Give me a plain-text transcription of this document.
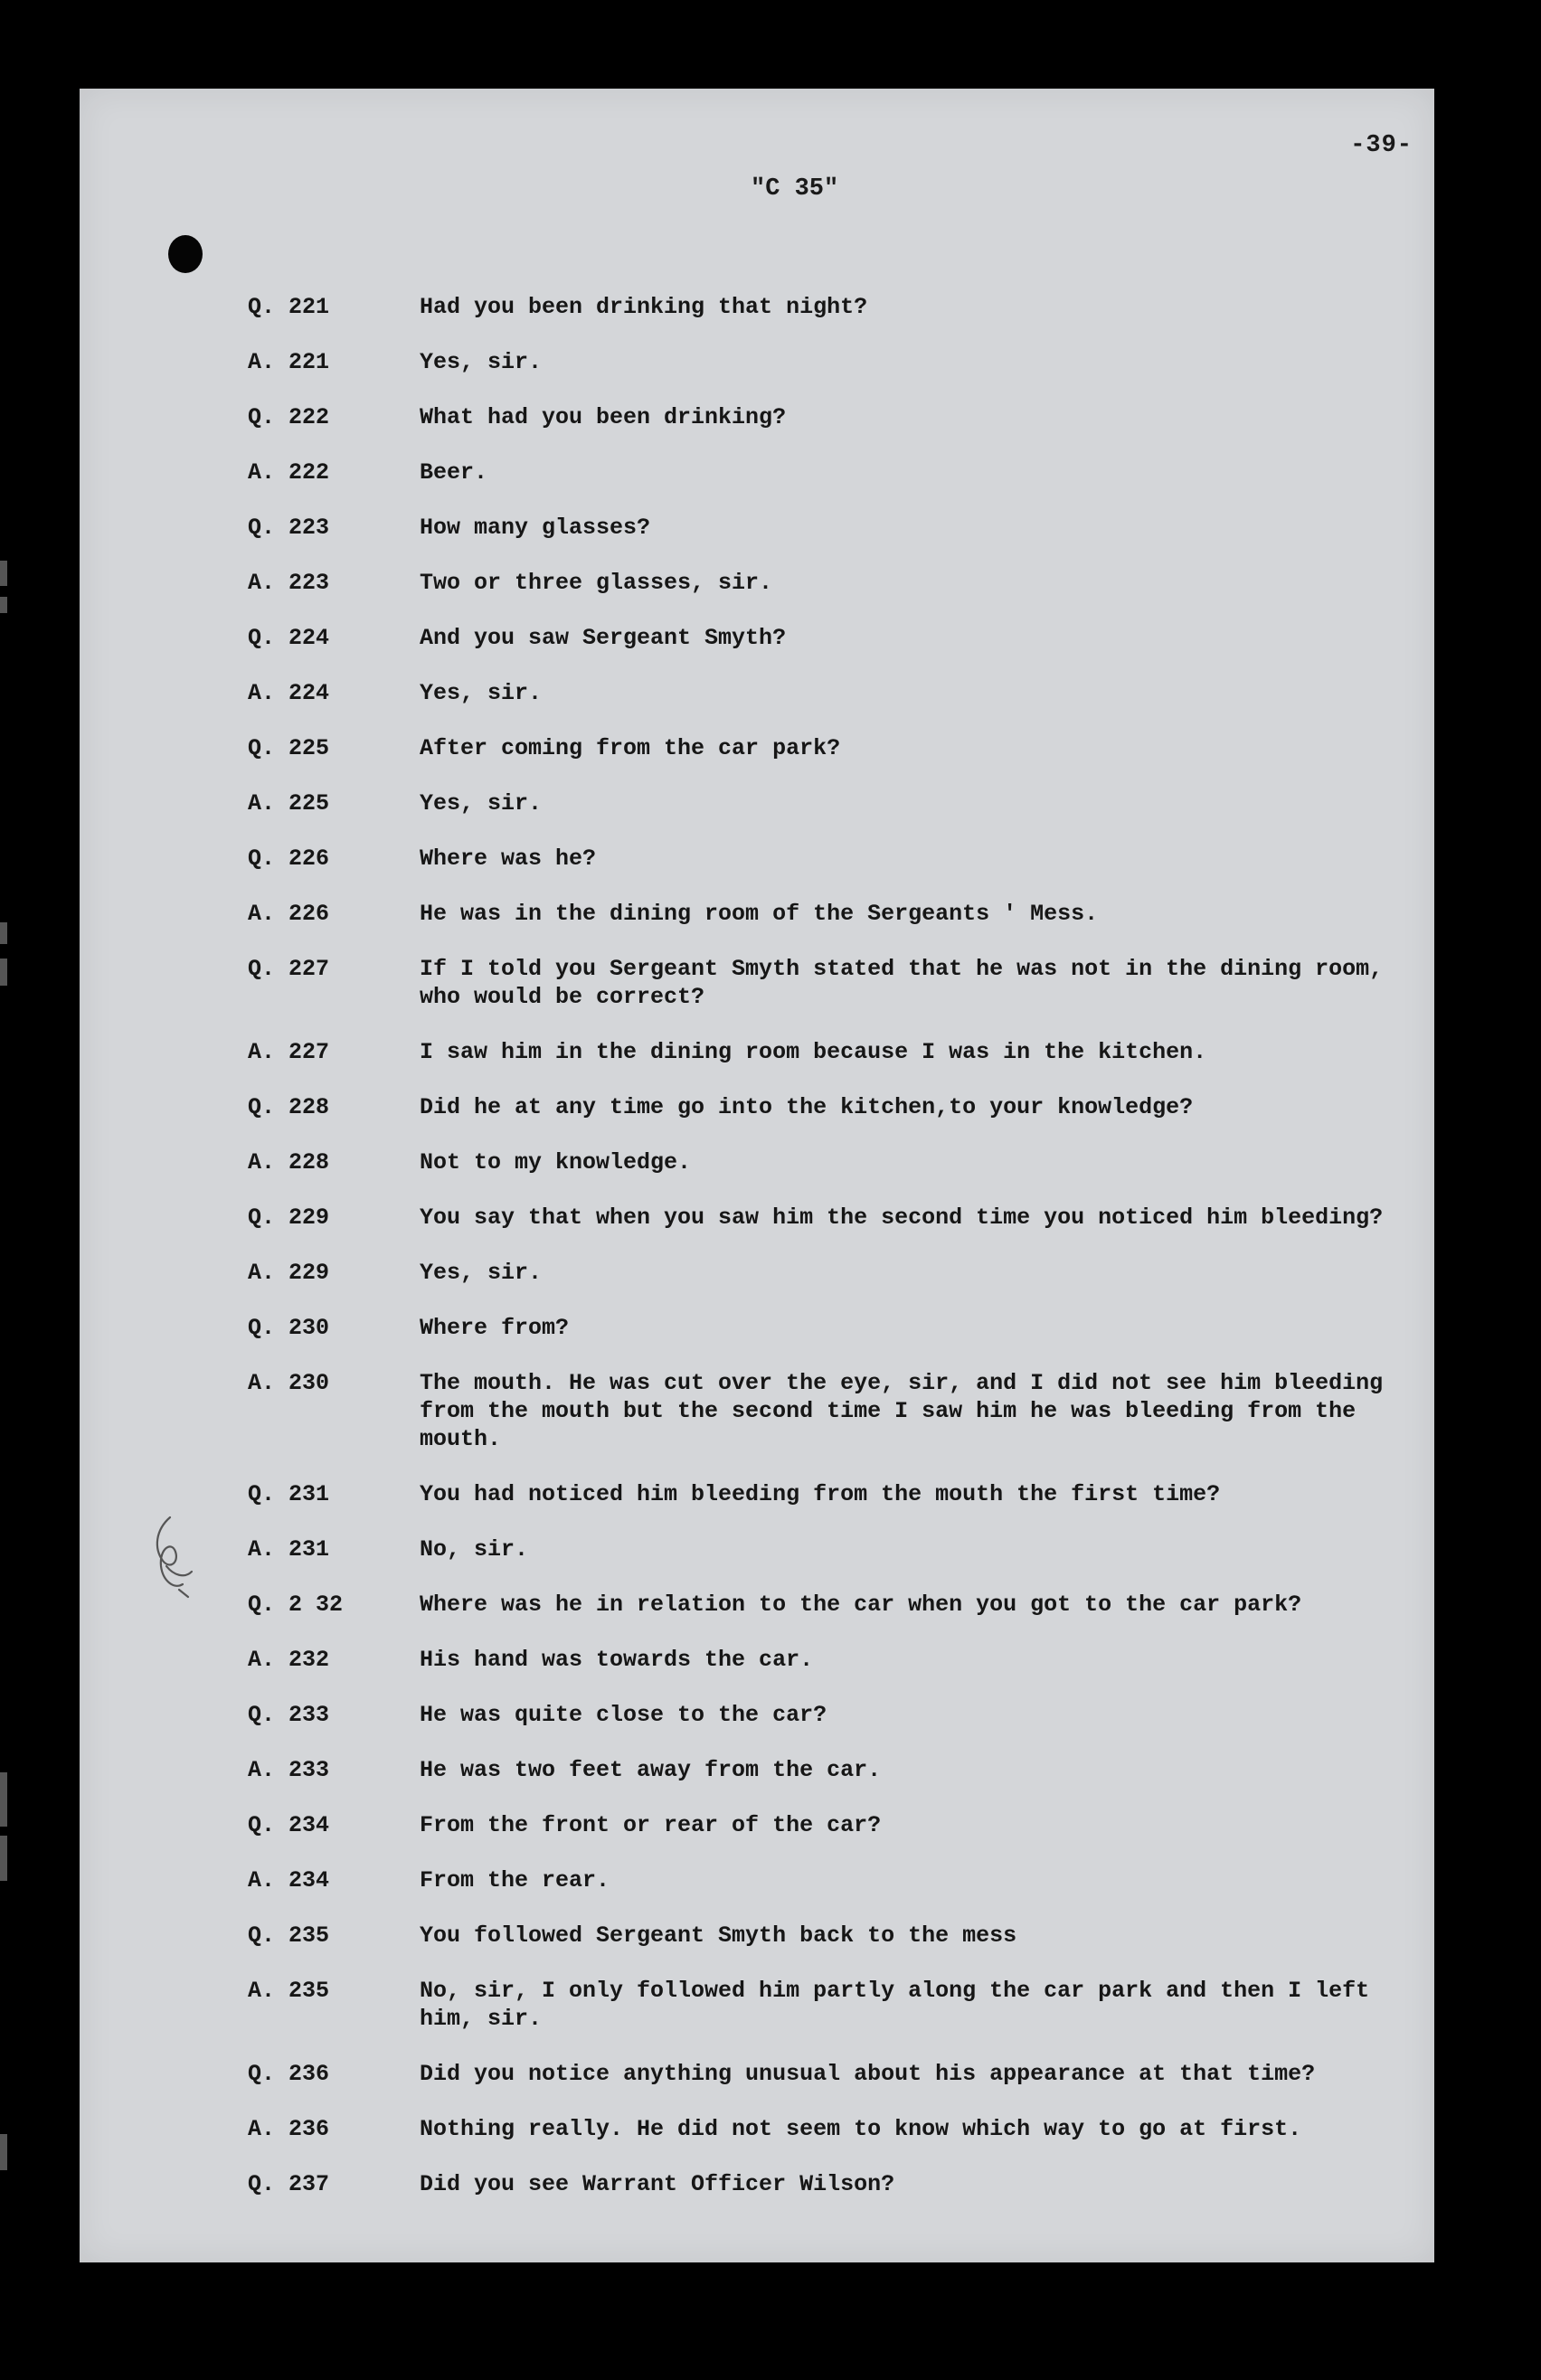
-39-
"C 35"
Q. 221	Had you been drinking that night?
A. 221	Yes, sir.
Q. 222	What had you been drinking?
A. 222	Beer.
Q. 223	How many glasses?
A. 223	Two or three glasses, sir.
Q. 224	And you saw Sergeant Smyth?
A. 224	Yes, sir.
Q. 225	After coming from the car park?
A. 225	Yes, sir.
Q. 226	Where was he?
A. 226	He was in the dining room of the Sergeants ' Mess.
Q. 227	If I told you Sergeant Smyth stated that he was not in the dining room, who would be correct?
A. 227	I saw him in the dining room because I was in the kitchen.
Q. 228	Did he at any time go into the kitchen,to your knowledge?
A. 228	Not to my knowledge.
Q. 229	You say that when you saw him the second time you noticed him bleeding?
A. 229	Yes, sir.
Q. 230	Where from?
A. 230	The mouth. He was cut over the eye, sir, and I did not see him bleeding from the mouth but the second time I saw him he was bleeding from the mouth.
Q. 231	You had noticed him bleeding from the mouth the first time?
A. 231	No, sir.
Q. 2 32	Where was he in relation to the car when you got to the car park?
A. 232	His hand was towards the car.
Q. 233	He was quite close to the car?
A. 233	He was two feet away from the car.
Q. 234	From the front or rear of the car?
A. 234	From the rear.
Q. 235	You followed Sergeant Smyth back to the mess
A. 235	No, sir, I only followed him partly along the car park and then I left him, sir.
Q. 236	Did you notice anything unusual about his appearance at that time?
A. 236	Nothing really. He did not seem to know which way to go at first.
Q. 237	Did you see Warrant Officer Wilson?
